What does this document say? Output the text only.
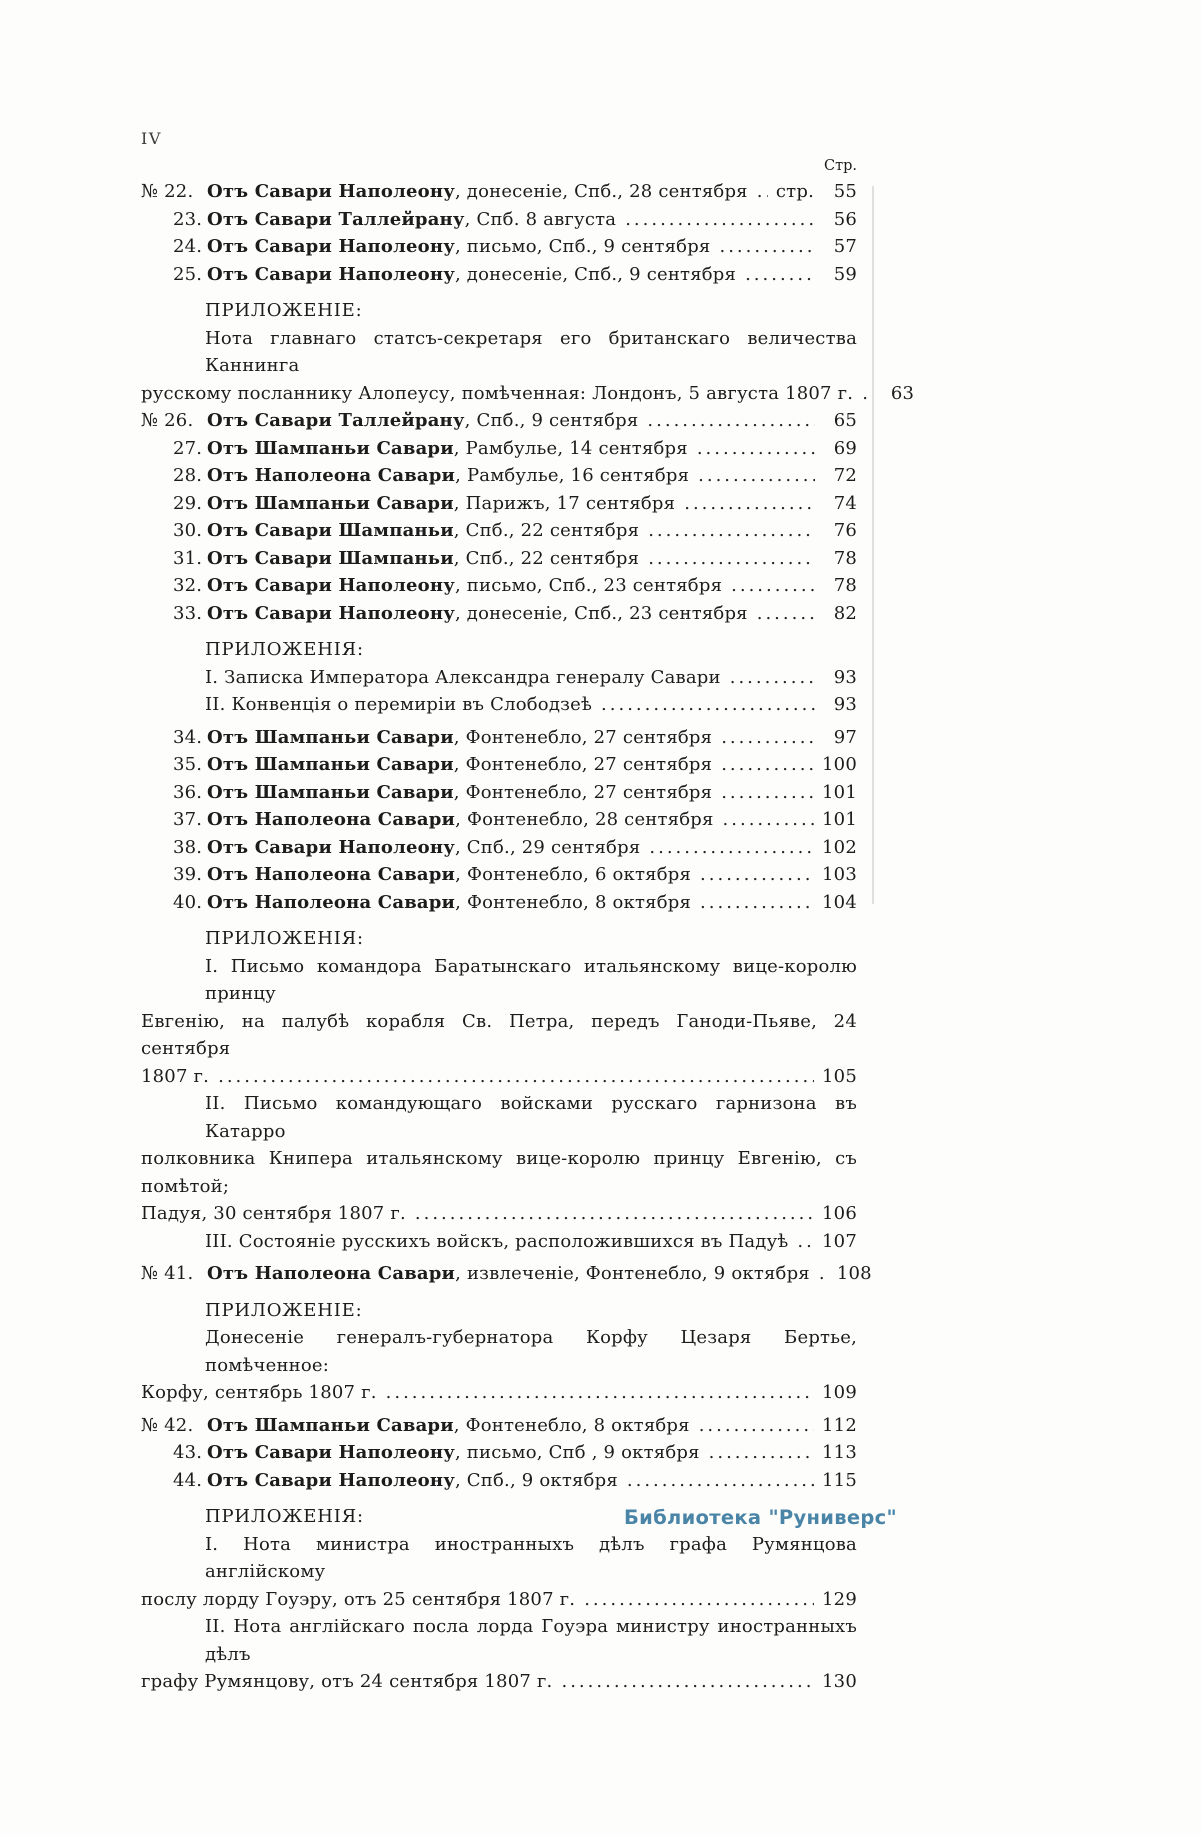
IV
Стр.
№ 22. Отъ Савари Наполеону, донесеніе, Спб., 28 сентября ..... стр.	55
23. Отъ Савари Таллейрану, Спб. 8 августа .....	56
24. Отъ Савари Наполеону, письмо, Спб., 9 сентября .....	57
25. Отъ Савари Наполеону, донесеніе, Спб., 9 сентября .....	59
ПРИЛОЖЕНІЕ:
Нота главнаго статсъ-секретаря его британскаго величества Каннинга
русскому посланнику Алопеусу, помѣченная: Лондонъ, 5 августа 1807 г. .....	63
№ 26. Отъ Савари Таллейрану, Спб., 9 сентября .....	65
27. Отъ Шампаньи Савари, Рамбулье, 14 сентября .....	69
28. Отъ Наполеона Савари, Рамбулье, 16 сентября .....	72
29. Отъ Шампаньи Савари, Парижъ, 17 сентября .....	74
30. Отъ Савари Шампаньи, Спб., 22 сентября .....	76
31. Отъ Савари Шампаньи, Спб., 22 сентября .....	78
32. Отъ Савари Наполеону, письмо, Спб., 23 сентября .....	78
33. Отъ Савари Наполеону, донесеніе, Спб., 23 сентября .....	82
ПРИЛОЖЕНІЯ:
I. Записка Императора Александра генералу Савари .....	93
II. Конвенція о перемиріи въ Слободзеѣ .....	93
34. Отъ Шампаньи Савари, Фонтенебло, 27 сентября .....	97
35. Отъ Шампаньи Савари, Фонтенебло, 27 сентября .....	100
36. Отъ Шампаньи Савари, Фонтенебло, 27 сентября .....	101
37. Отъ Наполеона Савари, Фонтенебло, 28 сентября .....	101
38. Отъ Савари Наполеону, Спб., 29 сентября .....	102
39. Отъ Наполеона Савари, Фонтенебло, 6 октября .....	103
40. Отъ Наполеона Савари, Фонтенебло, 8 октября .....	104
ПРИЛОЖЕНІЯ:
I. Письмо командора Баратынскаго итальянскому вице-королю принцу
Евгенію, на палубѣ корабля Св. Петра, передъ Ганоди-Пьяве, 24 сентября
1807 г. .....	105
II. Письмо командующаго войсками русскаго гарнизона въ Катарро
полковника Книпера итальянскому вице-королю принцу Евгенію, съ помѣтой;
Падуя, 30 сентября 1807 г. .....	106
III. Состояніе русскихъ войскъ, расположившихся въ Падуѣ ..... 107
№ 41. Отъ Наполеона Савари, извлеченіе, Фонтенебло, 9 октября ..... 108
ПРИЛОЖЕНІЕ:
Донесеніе генералъ-губернатора Корфу Цезаря Бертье, помѣченное:
Корфу, сентябрь 1807 г. .....	109
№ 42. Отъ Шампаньи Савари, Фонтенебло, 8 октября .....	112
43. Отъ Савари Наполеону, письмо, Спб , 9 октября .....	113
44. Отъ Савари Наполеону, Спб., 9 октября .....	115
ПРИЛОЖЕНІЯ:
I. Нота министра иностранныхъ дѣлъ графа Румянцова англійскому
послу лорду Гоуэру, отъ 25 сентября 1807 г. .....	129
II. Нота англійскаго посла лорда Гоуэра министру иностранныхъ дѣлъ
графу Румянцову, отъ 24 сентября 1807 г. .....	130
Библиотека "Руниверс"
